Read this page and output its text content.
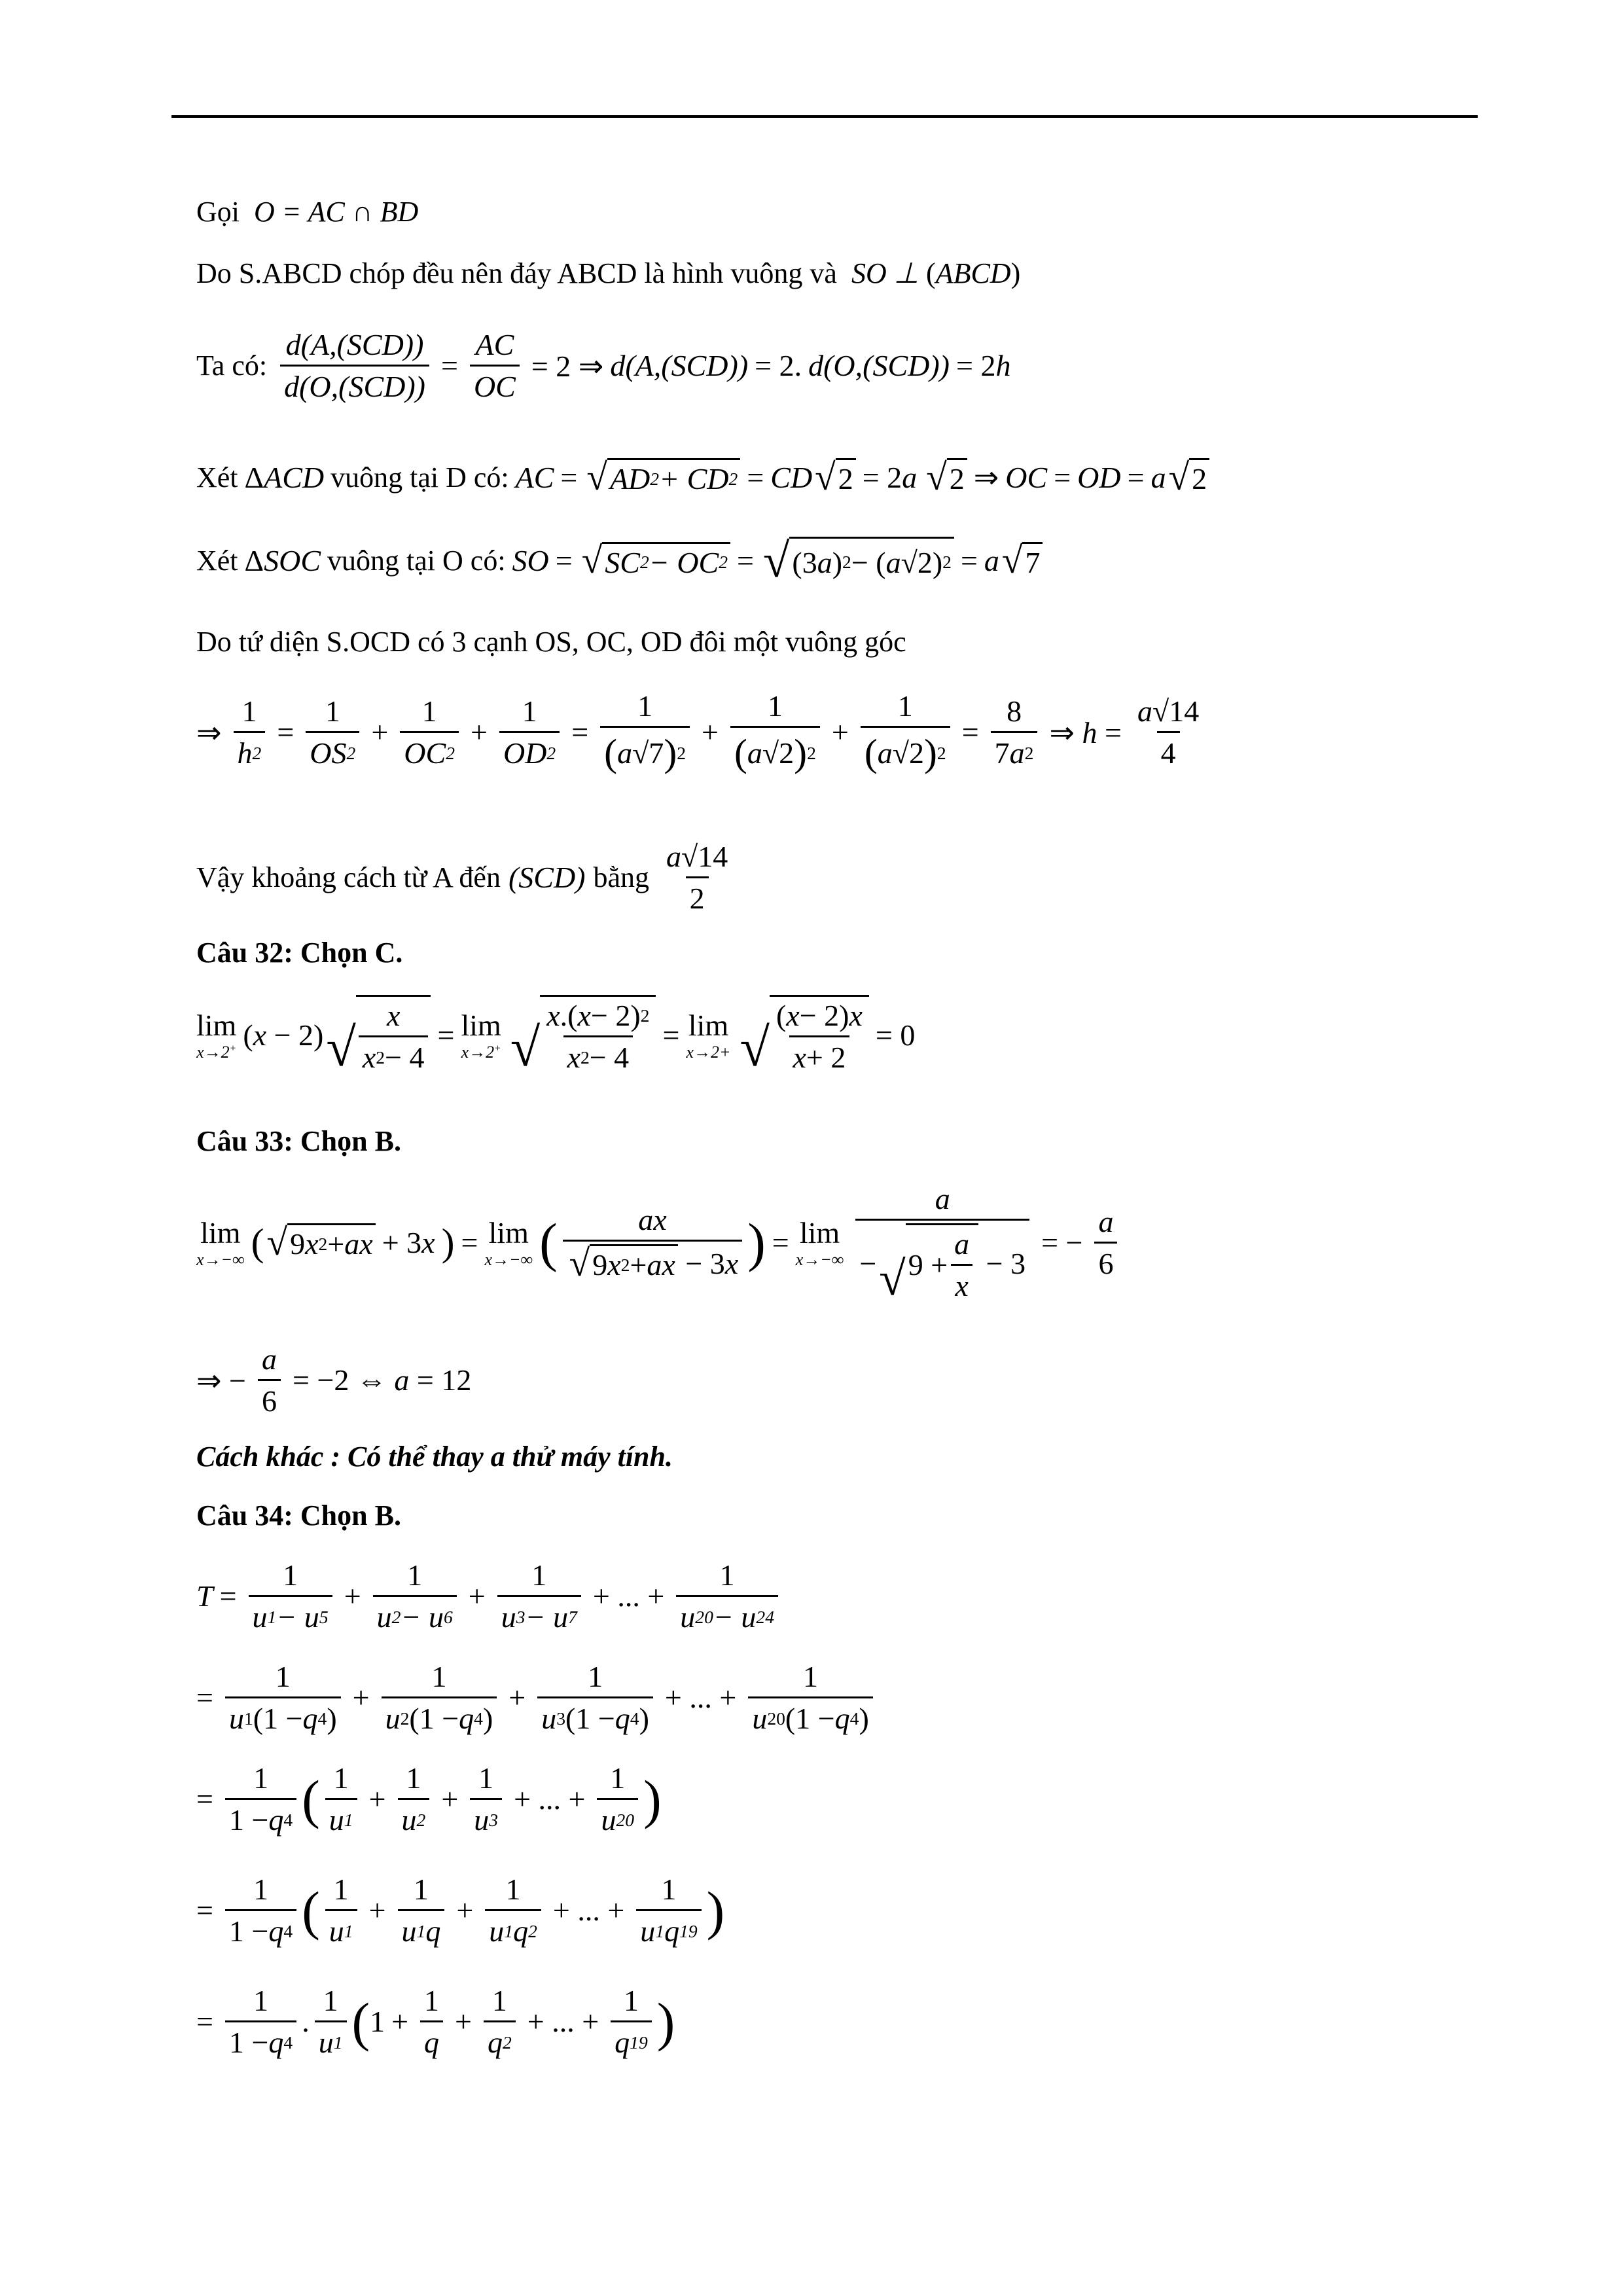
Gọi  O = AC ∩ BD
Do S.ABCD chóp đều nên đáy ABCD là hình vuông và  SO ⊥ (ABCD)
Ta có:
d(A,(SCD))
d(O,(SCD))
= $\frac{AC}{OC} = 2$ ⇒ d(A,(SCD)) = 2. d(O,(SCD)) = 2h
Xét ΔACD vuông tại D có: AC = √ AD 2 + CD 2 = CD √ 2 = 2a √ 2 ⇒ OC = OD = a √ 2
Xét ΔSOC vuông tại O có: SO = √ SC 2 − OC 2 = √ (3 a ) 2 − ( a √2) 2 = a √ 7
Do tứ diện S.OCD có 3 cạnh OS, OC, OD đôi một vuông góc
⇒ $\frac{1}{h 2} = \frac{1}{OS 2} + \frac{1}{OC 2} + \frac{1}{OD 2} = \frac{1}{( a √7 ) 2} + \frac{1}{( a √2 ) 2} + \frac{1}{( a √2 ) 2} = \frac{8}{7 a 2}$ ⇒ $h = \frac{a √14}{4}$
Vậy khoảng cách từ A đến (SCD) bằng
a √14
2
Câu 32: Chọn C.
lim
x→2+ (x − 2) √
x
x 2 − 4
= lim
x→2+ √
x .( x − 2) 2
x 2 − 4
= lim
x→2+ √
( x − 2) x
x + 2
= 0
Câu 33: Chọn B.
lim
x→−∞ ( √ 9 x 2 + ax + 3x ) = lim
x→−∞ (	ax
√ 9 x 2 + ax − 3 x ) = lim
x→−∞ a
− √ 9 +
a
x
− 3 = − $\frac{a}{6}$
⇒ − $\frac{a}{6} = -2$ ⇔ a = 12
Cách khác : Có thể thay a thử máy tính.
Câu 34: Chọn B.
$T = \frac{1}{u 1 - u 5} + \frac{1}{u 2 - u 6} + \frac{1}{u 3 - u 7}$ + ... + $\frac{1}{u 20 - u 24}$
= $\frac{1}{u 1 (1 - q 4 )} + \frac{1}{u 2 (1 - q 4 )} + \frac{1}{u 3 (1 - q 4 )}$ + ... + $\frac{1}{u 20 (1 - q 4 )}$
= $\frac{1}{1 - q 4}$ ( 1
u 1
+ $\frac{1}{u 2} + \frac{1}{u 3}$ + ... + $\frac{1}{u 20}$ )
= $\frac{1}{1 - q 4}$ ( 1
u 1
+ $\frac{1}{u 1 q} + \frac{1}{u 1 q 2}$ + ... + $\frac{1}{u 1 q 19}$ )
= $\frac{1}{1 - q 4}$ .
1
u 1 ( $1 + \frac{1}{q} + \frac{1}{q 2}$ + ... + $\frac{1}{q 19}$ )
